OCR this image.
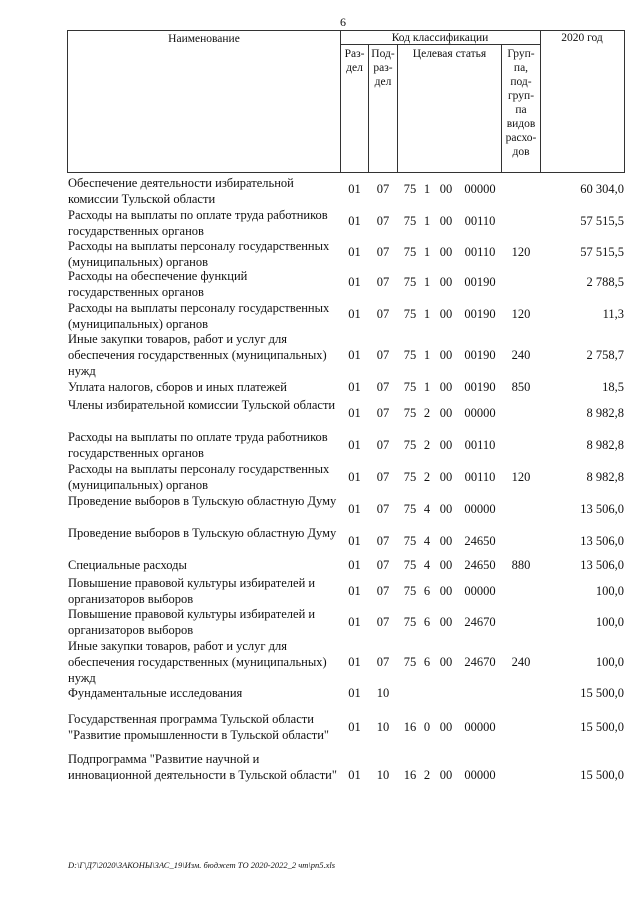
6
Наименование	Код классификации	2020 год
Раз-
дел
Под-
раз-
дел
Целевая статья	Груп-
па,
под-
груп-
па
видов
расхо-
дов
Обеспечение деятельности избирательной комиссии Тульской области
01	07	75 1 00 00000	60 304,0
Расходы на выплаты по оплате труда работников государственных органов
01	07	75 1 00 00110	57 515,5
Расходы на выплаты персоналу государственных (муниципальных) органов
01	07	75 1 00 00110	120	57 515,5
Расходы на обеспечение функций государственных органов
01	07	75 1 00 00190	2 788,5
Расходы на выплаты персоналу государственных (муниципальных) органов
01	07	75 1 00 00190	120	11,3
Иные закупки товаров, работ и услуг для обеспечения государственных (муниципальных) нужд
01	07	75 1 00 00190	240	2 758,7
Уплата налогов, сборов и иных платежей	01	07	75 1 00 00190	850	18,5
Члены избирательной комиссии Тульской области
01	07	75 2 00 00000	8 982,8
Расходы на выплаты по оплате труда работников государственных органов
01	07	75 2 00 00110	8 982,8
Расходы на выплаты персоналу государственных (муниципальных) органов
01	07	75 2 00 00110	120	8 982,8
Проведение выборов в Тульскую областную Думу
01	07	75 4 00 00000	13 506,0
Проведение выборов в Тульскую областную Думу
01	07	75 4 00 24650	13 506,0
Специальные расходы	01	07	75 4 00 24650	880	13 506,0
Повышение правовой культуры избирателей и организаторов выборов
01	07	75 6 00 00000	100,0
Повышение правовой культуры избирателей и организаторов выборов
01	07	75 6 00 24670	100,0
Иные закупки товаров, работ и услуг для обеспечения государственных (муниципальных) нужд
01	07	75 6 00 24670	240	100,0
Фундаментальные исследования	01	10	15 500,0
Государственная программа Тульской области "Развитие промышленности в Тульской области"
01	10	16 0 00 00000	15 500,0
Подпрограмма "Развитие научной и инновационной деятельности в Тульской области" 01	10	16 2 00 00000	15 500,0
D:\Г\Д7\2020\ЗАКОНЫ\ЗАС_19\Изм. бюджет ТО 2020-2022_2 чт\рп5.xls
